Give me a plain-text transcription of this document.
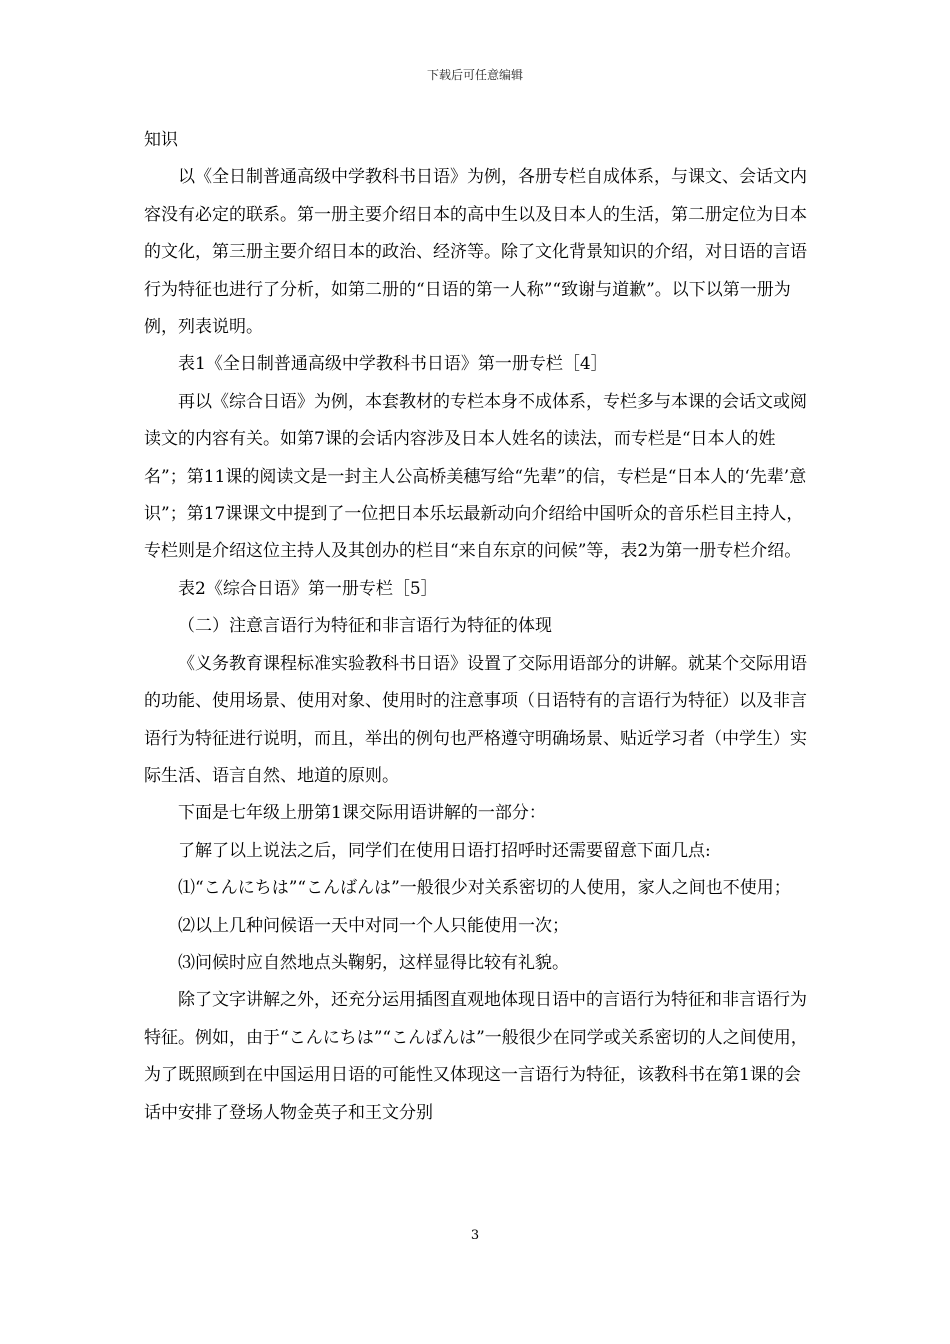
下载后可任意编辑

知识

以《全日制普通高级中学教科书日语》为例，各册专栏自成体系，与课文、会话文内容没有必定的联系。第一册主要介绍日本的高中生以及日本人的生活，第二册定位为日本的文化，第三册主要介绍日本的政治、经济等。除了文化背景知识的介绍，对日语的言语行为特征也进行了分析，如第二册的“日语的第一人称”“致谢与道歉”。以下以第一册为例，列表说明。

表1《全日制普通高级中学教科书日语》第一册专栏［4］

再以《综合日语》为例，本套教材的专栏本身不成体系，专栏多与本课的会话文或阅读文的内容有关。如第7课的会话内容涉及日本人姓名的读法，而专栏是“日本人的姓名”；第11课的阅读文是一封主人公高桥美穗写给“先辈”的信，专栏是“日本人的‘先辈’意识”；第17课课文中提到了一位把日本乐坛最新动向介绍给中国听众的音乐栏目主持人，专栏则是介绍这位主持人及其创办的栏目“来自东京的问候”等，表2为第一册专栏介绍。

表2《综合日语》第一册专栏［5］

（二）注意言语行为特征和非言语行为特征的体现

《义务教育课程标准实验教科书日语》设置了交际用语部分的讲解。就某个交际用语的功能、使用场景、使用对象、使用时的注意事项（日语特有的言语行为特征）以及非言语行为特征进行说明，而且，举出的例句也严格遵守明确场景、贴近学习者（中学生）实际生活、语言自然、地道的原则。

下面是七年级上册第1课交际用语讲解的一部分：

了解了以上说法之后，同学们在使用日语打招呼时还需要留意下面几点:

⑴“こんにちは”“こんばんは”一般很少对关系密切的人使用，家人之间也不使用；

⑵以上几种问候语一天中对同一个人只能使用一次；

⑶问候时应自然地点头鞠躬，这样显得比较有礼貌。

除了文字讲解之外，还充分运用插图直观地体现日语中的言语行为特征和非言语行为特征。例如，由于“こんにちは”“こんばんは”一般很少在同学或关系密切的人之间使用，为了既照顾到在中国运用日语的可能性又体现这一言语行为特征，该教科书在第1课的会话中安排了登场人物金英子和王文分别

3
